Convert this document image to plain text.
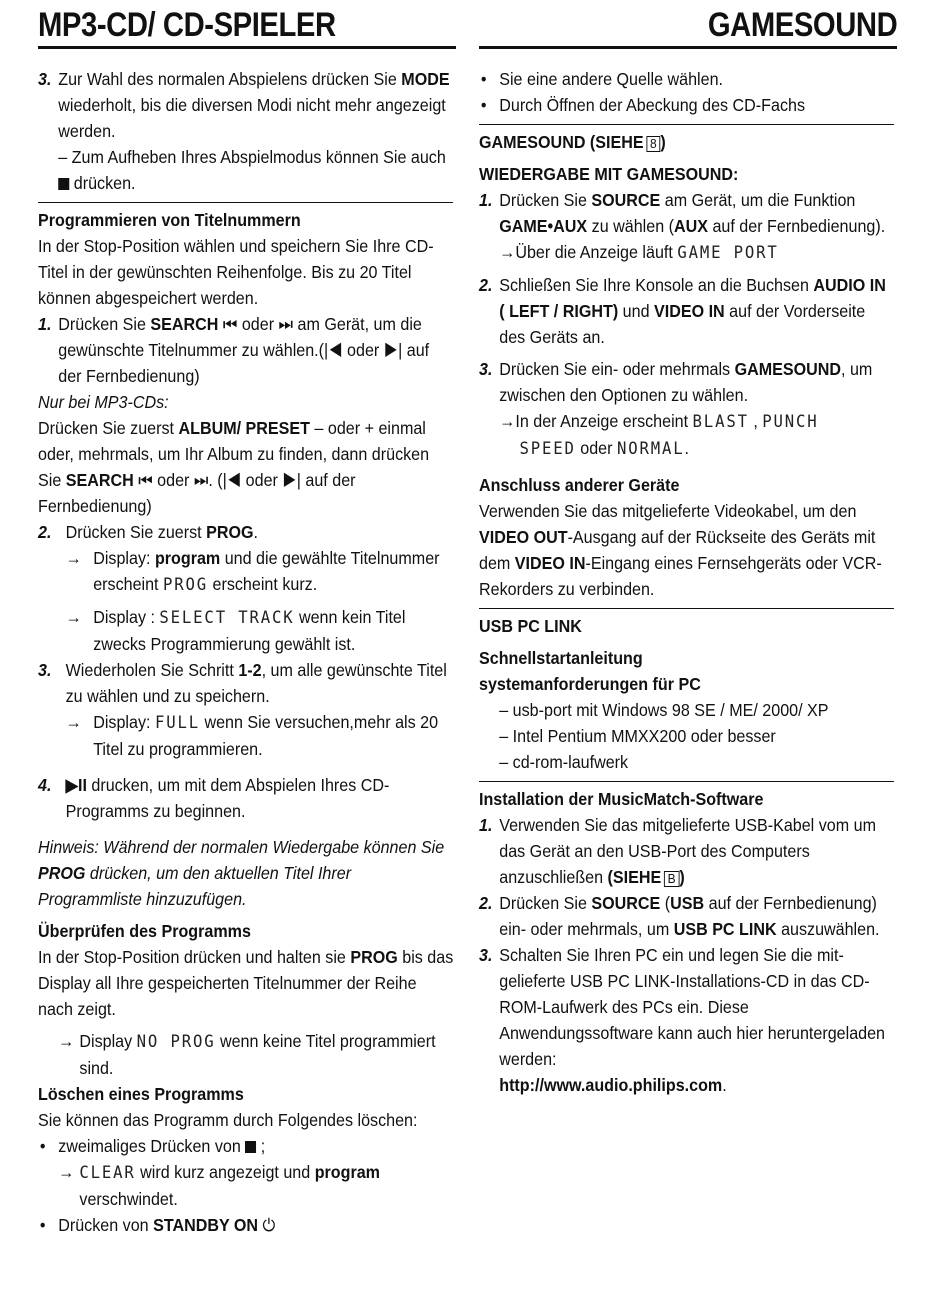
MP3-CD/ CD-SPIELER
3. Zur Wahl des normalen Abspielens drücken Sie MODE wiederholt, bis die diversen Modi nicht mehr angezeigt werden.

– Zum Aufheben Ihres Abspielmodus können Sie auch  drücken.

Programmieren von Titelnummern

In der Stop-Position wählen und speichern Sie Ihre CD-Titel in der gewünschten Reihenfolge. Bis zu 20 Titel können abgespeichert werden.

1. Drücken Sie SEARCH ⏮ oder ⏭ am Gerät, um die gewünschte Titelnummer zu wählen.(|◀ oder ▶| auf der Fernbedienung)

Nur bei MP3-CDs:

Drücken Sie zuerst ALBUM/ PRESET – oder + einmal oder, mehrmals, um Ihr Album zu finden, dann drücken Sie SEARCH ⏮ oder ⏭. (|◀ oder ▶| auf der Fernbedienung)

2. Drücken Sie zuerst PROG.

→ Display: program und die gewählte Titelnummer erscheint PROG erscheint kurz.

→ Display : SELECT TRACK wenn kein Titel zwecks Programmierung gewählt ist.

3. Wiederholen Sie Schritt 1-2, um alle gewünschte Titel zu wählen und zu speichern.

→ Display: FULL wenn Sie versuchen,mehr als 20 Titel zu programmieren.

4. ▶II drucken, um mit dem Abspielen Ihres CD-Programms zu beginnen.

Hinweis: Während der normalen Wiedergabe können Sie PROG drücken, um den aktuellen Titel Ihrer Programmliste hinzuzufügen.

Überprüfen des Programms

In der Stop-Position drücken und halten sie PROG bis das Display all Ihre gespeicherten Titelnummer der Reihe nach zeigt.

→ Display NO PROG wenn keine Titel programmiert sind.

Löschen eines Programms

Sie können das Programm durch Folgendes löschen:

• zweimaliges Drücken von  ;

→ CLEAR wird kurz angezeigt und program verschwindet.

• Drücken von STANDBY ON ⏻

GAMESOUND
• Sie eine andere Quelle wählen.

• Durch Öffnen der Abeckung des CD-Fachs

GAMESOUND (SIEHE 8 )

WIEDERGABE MIT GAMESOUND:

1. Drücken Sie SOURCE am Gerät, um die Funktion GAME•AUX zu wählen (AUX auf der Fernbedienung).

→Über die Anzeige läuft GAME PORT

2. Schließen Sie Ihre Konsole an die Buchsen AUDIO IN ( LEFT / RIGHT) und VIDEO IN auf der Vorderseite des Geräts an.

3. Drücken Sie ein- oder mehrmals GAMESOUND, um zwischen den Optionen zu wählen.

→In der Anzeige erscheint BLAST , PUNCH

SPEED oder NORMAL.

Anschluss anderer Geräte

Verwenden Sie das mitgelieferte Videokabel, um den VIDEO OUT-Ausgang auf der Rückseite des Geräts mit dem VIDEO IN-Eingang eines Fernsehgeräts oder VCR-Rekorders zu verbinden.

USB PC LINK

Schnellstartanleitung

systemanforderungen für PC

– usb-port mit Windows 98 SE / ME/ 2000/ XP

– Intel Pentium MMXX200 oder besser

– cd-rom-laufwerk

Installation der MusicMatch-Software

1. Verwenden Sie das mitgelieferte USB-Kabel vom um das Gerät an den USB-Port des Computers anzuschließen (SIEHE B )

2. Drücken Sie SOURCE (USB auf der Fernbedienung) ein- oder mehrmals, um USB PC LINK auszuwählen.

3. Schalten Sie Ihren PC ein und legen Sie die mit-gelieferte USB PC LINK-Installations-CD in das CD-ROM-Laufwerk des PCs ein. Diese Anwendungssoftware kann auch hier heruntergeladen werden:

http://www.audio.philips.com.
